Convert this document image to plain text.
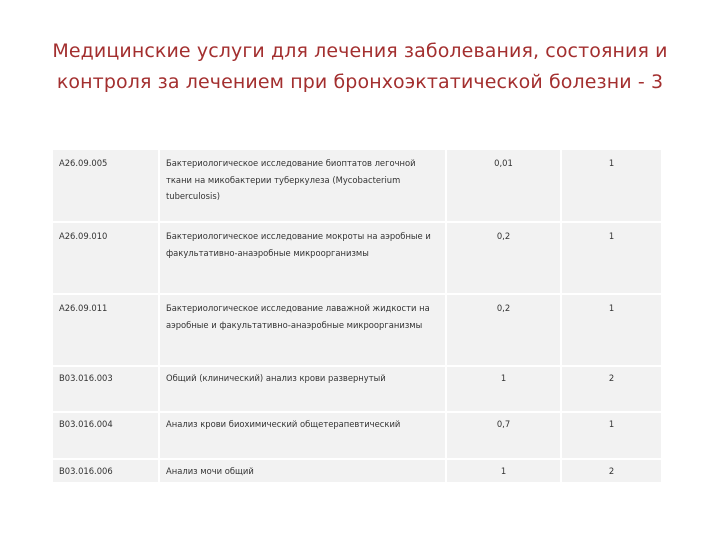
Медицинские услуги для лечения заболевания, состояния и
контроля за лечением при бронхоэктатической болезни - 3
A26.09.005	Бактериологическое исследование биоптатов легочной ткани на микобактерии туберкулеза (Mycobacterium tuberculosis)	0,01	1
A26.09.010	Бактериологическое исследование мокроты на аэробные и факультативно-анаэробные микроорганизмы	0,2	1
A26.09.011	Бактериологическое исследование лаважной жидкости на аэробные и факультативно-анаэробные микроорганизмы	0,2	1
B03.016.003	Общий (клинический) анализ крови развернутый	1	2
B03.016.004	Анализ крови биохимический общетерапевтический	0,7	1
B03.016.006	Анализ мочи общий	1	2
